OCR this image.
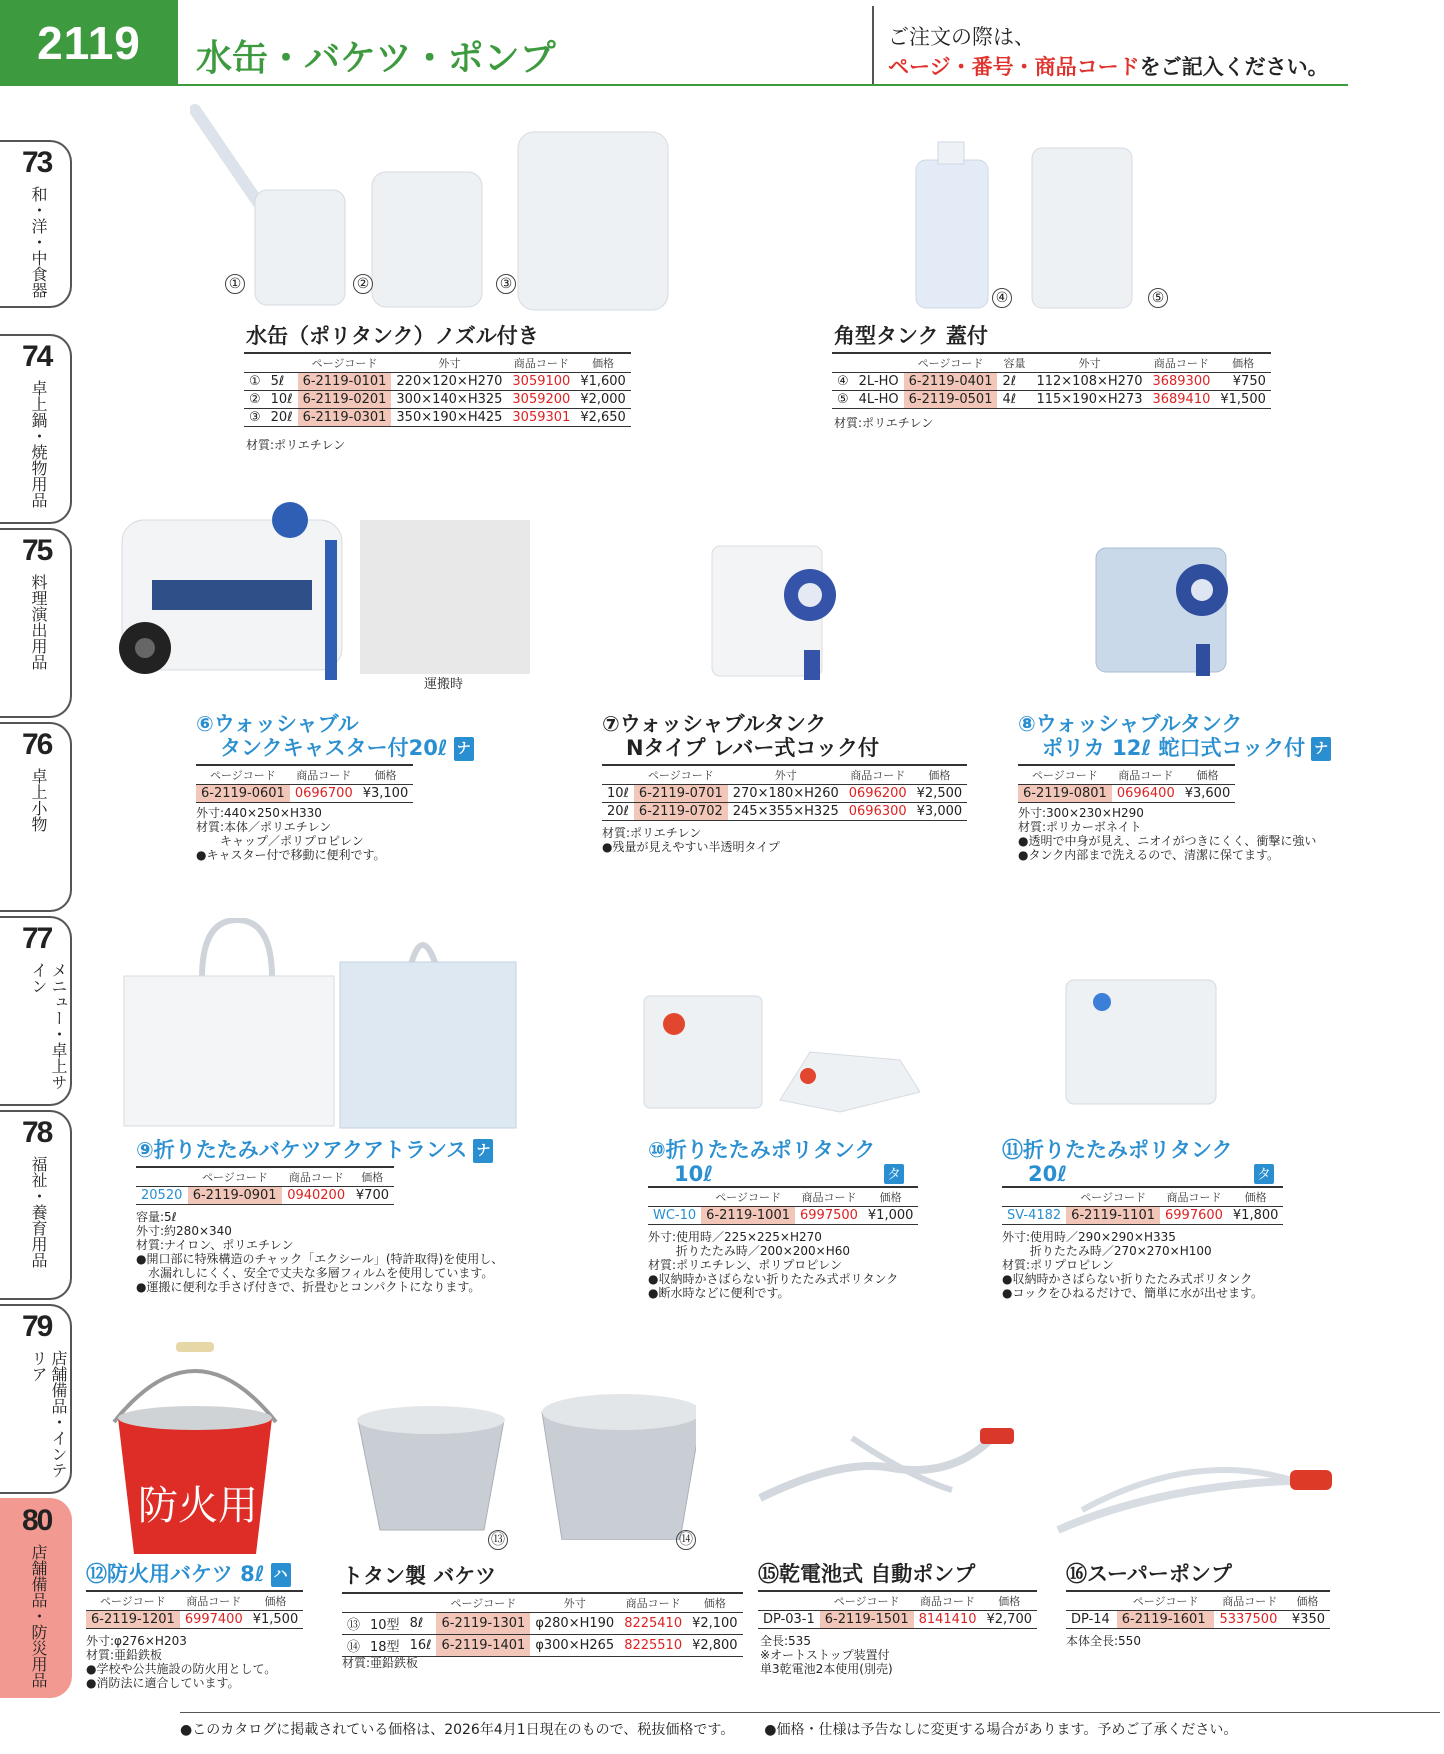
2119	水缶・バケツ・ポンプ
ご注文の際は、
ページ・番号・商品コードをご記入ください。
73
和・洋・中食器
74
卓上鍋・焼物用品
75
料理演出用品
76
卓上小物
77
メニュー・卓上サイン
78
福祉・養育用品
79
店舗備品・インテリア
80
店舗備品・防災用品
①	②	③
水缶（ポリタンク）ノズル付き
		ページコード	外寸	商品コード	価格
①	5ℓ	6-2119-0101	220×120×H270	3059100	¥1,600
②	10ℓ	6-2119-0201	300×140×H325	3059200	¥2,000
③	20ℓ	6-2119-0301	350×190×H425	3059301	¥2,650
材質:ポリエチレン
④	⑤
角型タンク 蓋付
		ページコード	容量	外寸	商品コード	価格
④	2L-HO	6-2119-0401	2ℓ	112×108×H270	3689300	¥750
⑤	4L-HO	6-2119-0501	4ℓ	115×190×H273	3689410	¥1,500
材質:ポリエチレン
運搬時
⑥ウォッシャブル
タンクキャスター付20ℓ ナ
ページコード	商品コード	価格
6-2119-0601	0696700	¥3,100
外寸:440×250×H330
材質:本体／ポリエチレン
　　キャップ／ポリプロピレン
●キャスター付で移動に便利です。
⑦ウォッシャブルタンク
Nタイプ レバー式コック付
	ページコード	外寸	商品コード	価格
10ℓ	6-2119-0701	270×180×H260	0696200	¥2,500
20ℓ	6-2119-0702	245×355×H325	0696300	¥3,000
材質:ポリエチレン
●残量が見えやすい半透明タイプ
⑧ウォッシャブルタンク
ポリカ 12ℓ 蛇口式コック付 ナ
ページコード	商品コード	価格
6-2119-0801	0696400	¥3,600
外寸:300×230×H290
材質:ポリカーボネイト
●透明で中身が見え、ニオイがつきにくく、衝撃に強い
●タンク内部まで洗えるので、清潔に保てます。
⑨折りたたみバケツアクアトランス ナ
	ページコード	商品コード	価格
20520	6-2119-0901	0940200	¥700
容量:5ℓ
外寸:約280×340
材質:ナイロン、ポリエチレン
●開口部に特殊構造のチャック「エクシール」(特許取得)を使用し、
　水漏れしにくく、安全で丈夫な多層フィルムを使用しています。
●運搬に便利な手さげ付きで、折畳むとコンパクトになります。
⑩折りたたみポリタンク
10ℓ	タ
	ページコード	商品コード	価格
WC-10	6-2119-1001	6997500	¥1,000
外寸:使用時／225×225×H270
　　 折りたたみ時／200×200×H60
材質:ポリエチレン、ポリプロピレン
●収納時かさばらない折りたたみ式ポリタンク
●断水時などに便利です。
⑪折りたたみポリタンク
20ℓ	タ
	ページコード	商品コード	価格
SV-4182	6-2119-1101	6997600	¥1,800
外寸:使用時／290×290×H335
　　 折りたたみ時／270×270×H100
材質:ポリプロピレン
●収納時かさばらない折りたたみ式ポリタンク
●コックをひねるだけで、簡単に水が出せます。
防火用
⑫防火用バケツ 8ℓ ハ
ページコード	商品コード	価格
6-2119-1201	6997400	¥1,500
外寸:φ276×H203
材質:亜鉛鉄板
●学校や公共施設の防火用として。
●消防法に適合しています。
⑬	⑭
トタン製 バケツ
			ページコード	外寸	商品コード	価格
⑬	10型	8ℓ	6-2119-1301	φ280×H190	8225410	¥2,100
⑭	18型	16ℓ	6-2119-1401	φ300×H265	8225510	¥2,800
材質:亜鉛鉄板
⑮乾電池式 自動ポンプ
	ページコード	商品コード	価格
DP-03-1	6-2119-1501	8141410	¥2,700
全長:535
※オートストップ装置付
単3乾電池2本使用(別売)
⑯スーパーポンプ
	ページコード	商品コード	価格
DP-14	6-2119-1601	5337500	¥350
本体全長:550
●このカタログに掲載されている価格は、2026年4月1日現在のもので、税抜価格です。 ●価格・仕様は予告なしに変更する場合があります。予めご了承ください。
